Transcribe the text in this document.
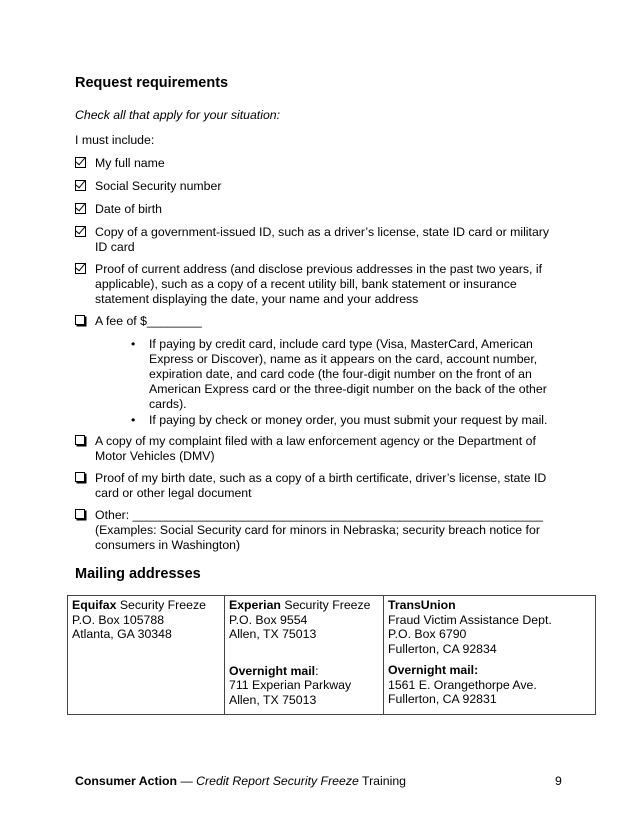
Request requirements
Check all that apply for your situation:
I must include:
My full name
Social Security number
Date of birth
Copy of a government-issued ID, such as a driver’s license, state ID card or military
ID card
Proof of current address (and disclose previous addresses in the past two years, if
applicable), such as a copy of a recent utility bill, bank statement or insurance
statement displaying the date, your name and your address
A fee of $________
• If paying by credit card, include card type (Visa, MasterCard, American
Express or Discover), name as it appears on the card, account number,
expiration date, and card code (the four-digit number on the front of an
American Express card or the three-digit number on the back of the other
cards).
• If paying by check or money order, you must submit your request by mail.
A copy of my complaint filed with a law enforcement agency or the Department of
Motor Vehicles (DMV)
Proof of my birth date, such as a copy of a birth certificate, driver’s license, state ID
card or other legal document
Other: ____________________________________________________________
(Examples: Social Security card for minors in Nebraska; security breach notice for
consumers in Washington)
Mailing addresses
Equifax Security Freeze
P.O. Box 105788
Atlanta, GA 30348

Experian Security Freeze
P.O. Box 9554
Allen, TX 75013
Overnight mail:
711 Experian Parkway
Allen, TX 75013

TransUnion
Fraud Victim Assistance Dept.
P.O. Box 6790
Fullerton, CA 92834
Overnight mail:
1561 E. Orangethorpe Ave.
Fullerton, CA 92831
Consumer Action — Credit Report Security Freeze Training	9
